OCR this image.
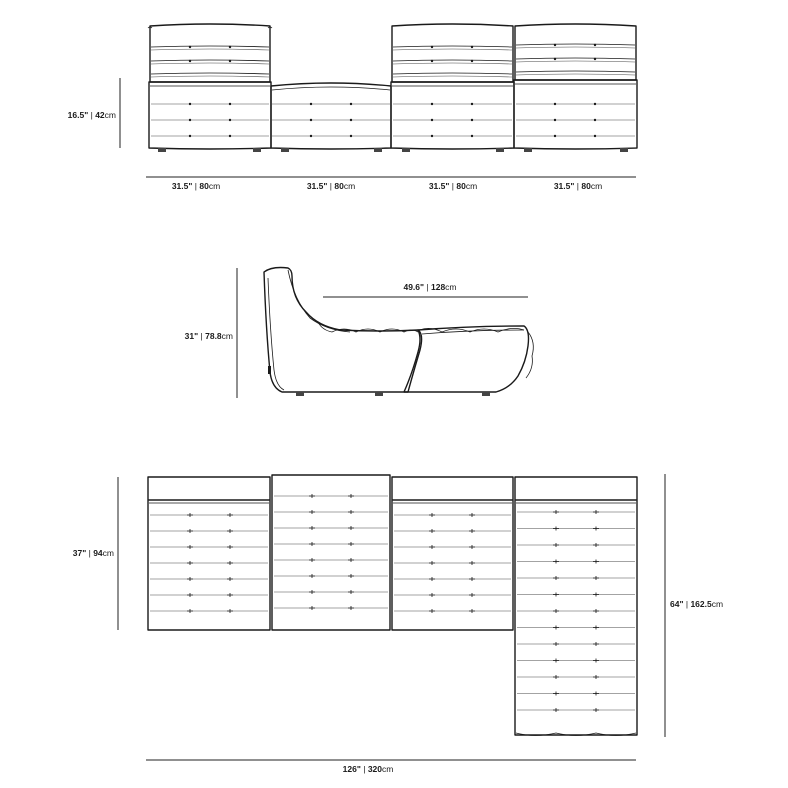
16.5" | 42cm
31.5" | 80cm	31.5" | 80cm	31.5" | 80cm	31.5" | 80cm
31" | 78.8cm
49.6" | 128cm
37" | 94cm
64" | 162.5cm
126" | 320cm
